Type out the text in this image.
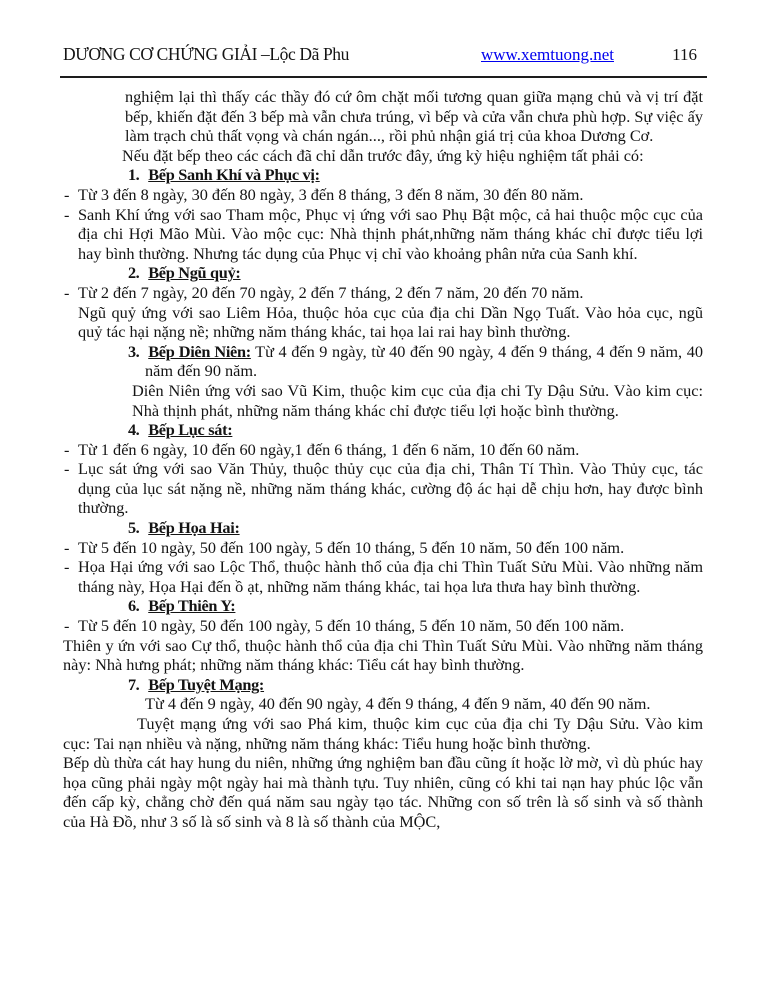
DƯƠNG CƠ CHỨNG GIẢI –Lộc Dã Phu	www.xemtuong.net	116
nghiệm lại thì thấy các thầy đó cứ ôm chặt mối tương quan giữa mạng chủ và vị trí đặt bếp, khiến đặt đến 3 bếp mà vẫn chưa trúng, vì bếp và cửa vẫn chưa phù hợp. Sự việc ấy làm trạch chủ thất vọng và chán ngán..., rồi phủ nhận giá trị của khoa Dương Cơ.
Nếu đặt bếp theo các cách đã chỉ dẫn trước đây, ứng kỳ hiệu nghiệm tất phải có:
1. Bếp Sanh Khí và Phục vị:
- Từ 3 đến 8 ngày, 30 đến 80 ngày, 3 đến 8 tháng, 3 đến 8 năm, 30 đến 80 năm.
- Sanh Khí ứng với sao Tham mộc, Phục vị ứng với sao Phụ Bật mộc, cả hai thuộc mộc cục của địa chi Hợi Mão Mùi. Vào mộc cục: Nhà thịnh phát,những năm tháng khác chỉ được tiểu lợi hay bình thường. Nhưng tác dụng của Phục vị chỉ vào khoảng phân nửa của Sanh khí.
2. Bếp Ngũ quỷ:
- Từ 2 đến 7 ngày, 20 đến 70 ngày, 2 đến 7 tháng, 2 đến 7 năm, 20 đến 70 năm.
Ngũ quỷ ứng với sao Liêm Hỏa, thuộc hỏa cục của địa chi Dần Ngọ Tuất. Vào hỏa cục, ngũ quỷ tác hại nặng nề; những năm tháng khác, tai họa lai rai hay bình thường.
3. Bếp Diên Niên: Từ 4 đến 9 ngày, từ 40 đến 90 ngày, 4 đến 9 tháng, 4 đến 9 năm, 40 năm đến 90 năm.
Diên Niên ứng với sao Vũ Kim, thuộc kim cục của địa chi Ty Dậu Sửu. Vào kim cục: Nhà thịnh phát, những năm tháng khác chỉ được tiểu lợi hoặc bình thường.
4. Bếp Lục sát:
- Từ 1 đến 6 ngày, 10 đến 60 ngày,1 đến 6 tháng, 1 đến 6 năm, 10 đến 60 năm.
- Lục sát ứng với sao Văn Thủy, thuộc thủy cục của địa chi, Thân Tí Thìn. Vào Thủy cục, tác dụng của lục sát nặng nề, những năm tháng khác, cường độ ác hại dễ chịu hơn, hay được bình thường.
5. Bếp Họa Hai:
- Từ 5 đến 10 ngày, 50 đến 100 ngày, 5 đến 10 tháng, 5 đến 10 năm, 50 đến 100 năm.
- Họa Hại ứng với sao Lộc Thổ, thuộc hành thổ của địa chi Thìn Tuất Sửu Mùi. Vào những năm tháng này, Họa Hại đến ồ ạt, những năm tháng khác, tai họa lưa thưa hay bình thường.
6. Bếp Thiên Y:
- Từ 5 đến 10 ngày, 50 đến 100 ngày, 5 đến 10 tháng, 5 đến 10 năm, 50 đến 100 năm.
Thiên y ứn với sao Cự thổ, thuộc hành thổ của địa chi Thìn Tuất Sửu Mùi. Vào những năm tháng này: Nhà hưng phát; những năm tháng khác: Tiểu cát hay bình thường.
7. Bếp Tuyệt Mạng:
Từ 4 đến 9 ngày, 40 đến 90 ngày, 4 đến 9 tháng, 4 đến 9 năm, 40 đến 90 năm.
Tuyệt mạng ứng với sao Phá kim, thuộc kim cục của địa chi Ty Dậu Sửu. Vào kim cục: Tai nạn nhiều và nặng, những năm tháng khác: Tiểu hung hoặc bình thường.
Bếp dù thừa cát hay hung du niên, những ứng nghiệm ban đầu cũng ít hoặc lờ mờ, vì dù phúc hay họa cũng phải ngày một ngày hai mà thành tựu. Tuy nhiên, cũng có khi tai nạn hay phúc lộc vẫn đến cấp kỳ, chẳng chờ đến quá năm sau ngày tạo tác. Những con số trên là số sinh và số thành của Hà Đồ, như 3 số là số sinh và 8 là số thành của MỘC,
